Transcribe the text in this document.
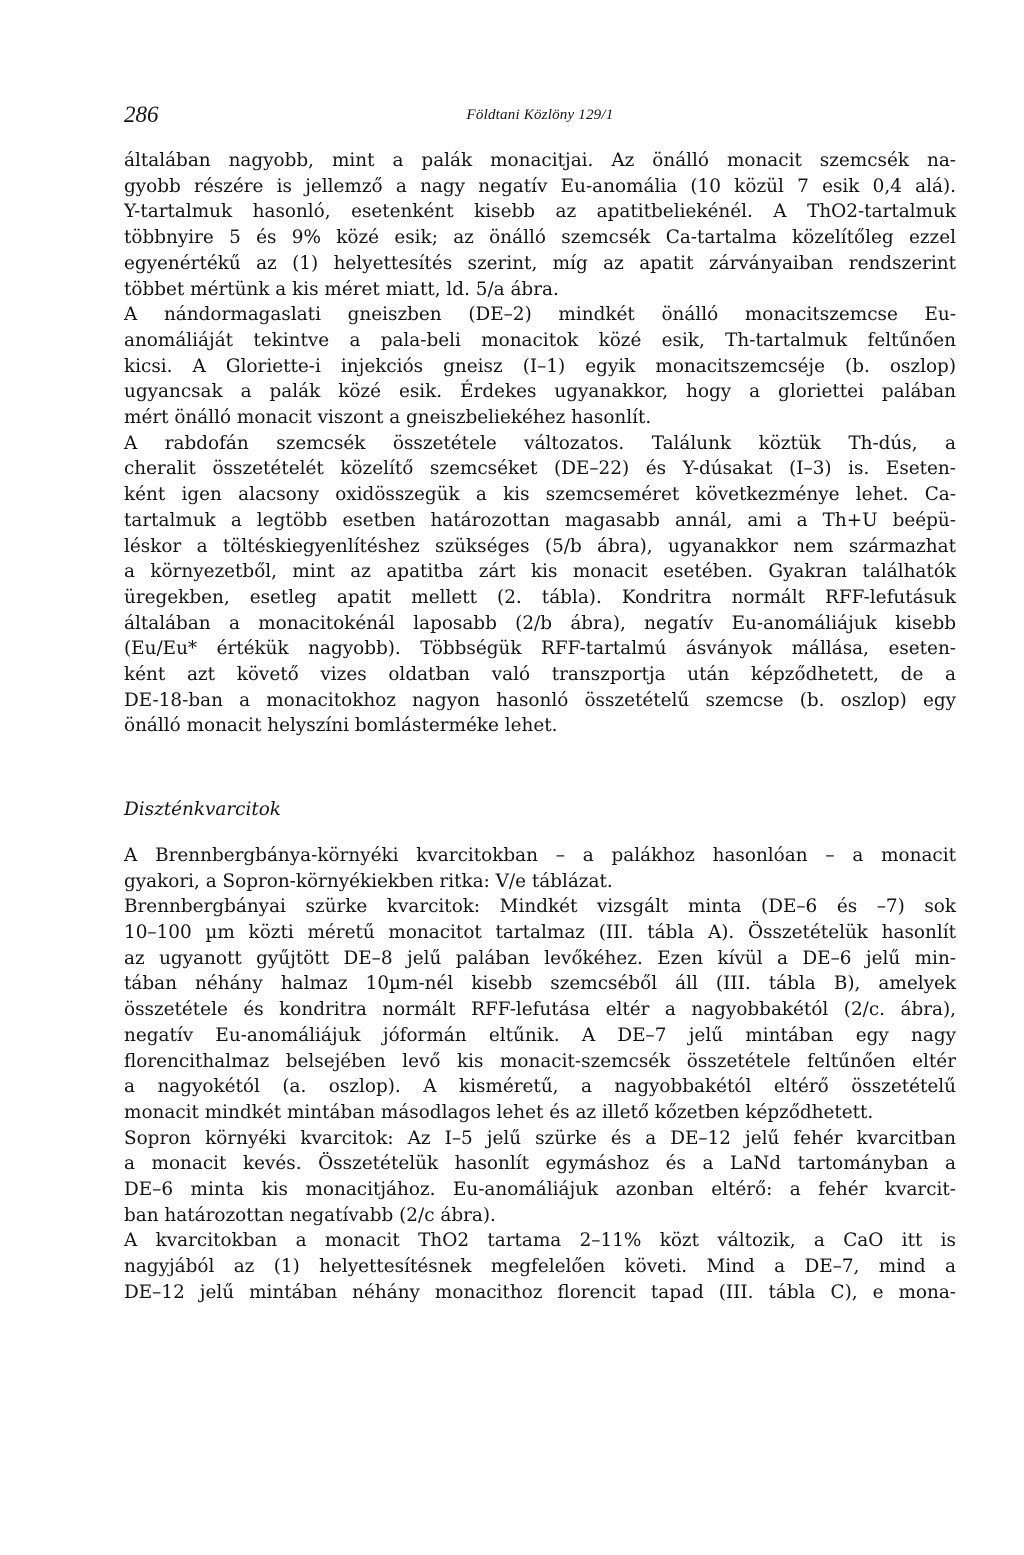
286	Földtani Közlöny 129/1

általában nagyobb, mint a palák monacitjai. Az önálló monacit szemcsék na-
gyobb részére is jellemző a nagy negatív Eu-anomália (10 közül 7 esik 0,4 alá).
Y-tartalmuk hasonló, esetenként kisebb az apatitbeliekénél. A ThO2-tartalmuk
többnyire 5 és 9% közé esik; az önálló szemcsék Ca-tartalma közelítőleg ezzel
egyenértékű az (1) helyettesítés szerint, míg az apatit zárványaiban rendszerint
többet mértünk a kis méret miatt, ld. 5/a ábra.

A nándormagaslati gneiszben (DE–2) mindkét önálló monacitszemcse Eu-
anomáliáját tekintve a pala-beli monacitok közé esik, Th-tartalmuk feltűnően
kicsi. A Gloriette-i injekciós gneisz (I–1) egyik monacitszemcséje (b. oszlop)
ugyancsak a palák közé esik. Érdekes ugyanakkor, hogy a gloriettei palában
mért önálló monacit viszont a gneiszbeliekéhez hasonlít.

A rabdofán szemcsék összetétele változatos. Találunk köztük Th-dús, a
cheralit összetételét közelítő szemcséket (DE–22) és Y-dúsakat (I–3) is. Eseten-
ként igen alacsony oxidösszegük a kis szemcseméret következménye lehet. Ca-
tartalmuk a legtöbb esetben határozottan magasabb annál, ami a Th+U beépü-
léskor a töltéskiegyenlítéshez szükséges (5/b ábra), ugyanakkor nem származhat
a környezetből, mint az apatitba zárt kis monacit esetében. Gyakran találhatók
üregekben, esetleg apatit mellett (2. tábla). Kondritra normált RFF-lefutásuk
általában a monacitokénál laposabb (2/b ábra), negatív Eu-anomáliájuk kisebb
(Eu/Eu* értékük nagyobb). Többségük RFF-tartalmú ásványok mállása, eseten-
ként azt követő vizes oldatban való transzportja után képződhetett, de a
DE-18-ban a monacitokhoz nagyon hasonló összetételű szemcse (b. oszlop) egy
önálló monacit helyszíni bomlásterméke lehet.

Diszténkvarcitok

A Brennbergbánya-környéki kvarcitokban – a palákhoz hasonlóan – a monacit
gyakori, a Sopron-környékiekben ritka: V/e táblázat.

Brennbergbányai szürke kvarcitok: Mindkét vizsgált minta (DE–6 és –7) sok
10–100 µm közti méretű monacitot tartalmaz (III. tábla A). Összetételük hasonlít
az ugyanott gyűjtött DE–8 jelű palában levőkéhez. Ezen kívül a DE–6 jelű min-
tában néhány halmaz 10µm-nél kisebb szemcséből áll (III. tábla B), amelyek
összetétele és kondritra normált RFF-lefutása eltér a nagyobbakétól (2/c. ábra),
negatív Eu-anomáliájuk jóformán eltűnik. A DE–7 jelű mintában egy nagy
florencithalmaz belsejében levő kis monacit-szemcsék összetétele feltűnően eltér
a nagyokétól (a. oszlop). A kisméretű, a nagyobbakétól eltérő összetételű
monacit mindkét mintában másodlagos lehet és az illető kőzetben képződhetett.

Sopron környéki kvarcitok: Az I–5 jelű szürke és a DE–12 jelű fehér kvarcitban
a monacit kevés. Összetételük hasonlít egymáshoz és a LaNd tartományban a
DE–6 minta kis monacitjához. Eu-anomáliájuk azonban eltérő: a fehér kvarcit-
ban határozottan negatívabb (2/c ábra).

A kvarcitokban a monacit ThO2 tartama 2–11% közt változik, a CaO itt is
nagyjából az (1) helyettesítésnek megfelelően követi. Mind a DE–7, mind a
DE–12 jelű mintában néhány monacithoz florencit tapad (III. tábla C), e mona-
